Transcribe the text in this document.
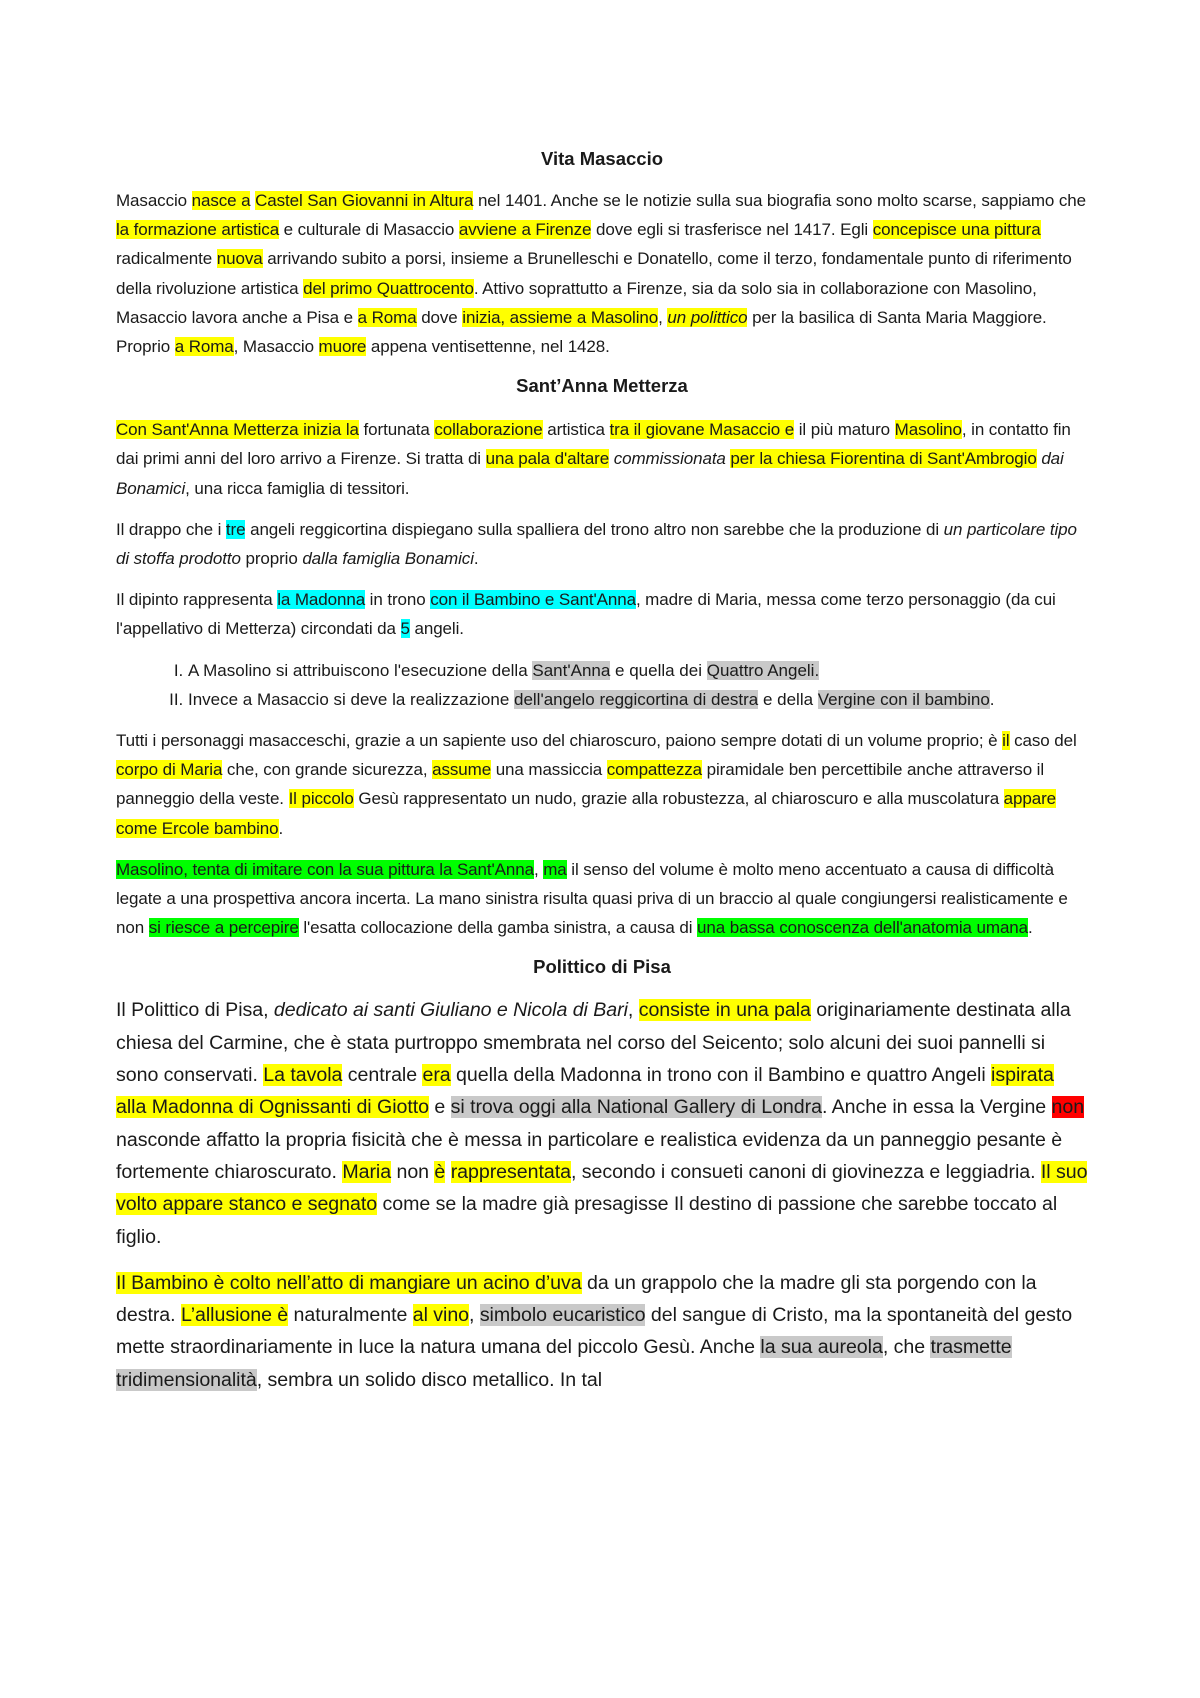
Vita Masaccio

Masaccio nasce a Castel San Giovanni in Altura nel 1401. Anche se le notizie sulla sua biografia sono molto scarse, sappiamo che la formazione artistica e culturale di Masaccio avviene a Firenze dove egli si trasferisce nel 1417. Egli concepisce una pittura radicalmente nuova arrivando subito a porsi, insieme a Brunelleschi e Donatello, come il terzo, fondamentale punto di riferimento della rivoluzione artistica del primo Quattrocento. Attivo soprattutto a Firenze, sia da solo sia in collaborazione con Masolino, Masaccio lavora anche a Pisa e a Roma dove inizia, assieme a Masolino, un polittico per la basilica di Santa Maria Maggiore. Proprio a Roma, Masaccio muore appena ventisettenne, nel 1428.

Sant’Anna Metterza

Con Sant'Anna Metterza inizia la fortunata collaborazione artistica tra il giovane Masaccio e il più maturo Masolino, in contatto fin dai primi anni del loro arrivo a Firenze. Si tratta di una pala d'altare commissionata per la chiesa Fiorentina di Sant'Ambrogio dai Bonamici, una ricca famiglia di tessitori.

Il drappo che i tre angeli reggicortina dispiegano sulla spalliera del trono altro non sarebbe che la produzione di un particolare tipo di stoffa prodotto proprio dalla famiglia Bonamici.

Il dipinto rappresenta la Madonna in trono con il Bambino e Sant'Anna, madre di Maria, messa come terzo personaggio (da cui l'appellativo di Metterza) circondati da 5 angeli.

I. A Masolino si attribuiscono l'esecuzione della Sant'Anna e quella dei Quattro Angeli.
II. Invece a Masaccio si deve la realizzazione dell'angelo reggicortina di destra e della Vergine con il bambino.

Tutti i personaggi masacceschi, grazie a un sapiente uso del chiaroscuro, paiono sempre dotati di un volume proprio; è il caso del corpo di Maria che, con grande sicurezza, assume una massiccia compattezza piramidale ben percettibile anche attraverso il panneggio della veste. Il piccolo Gesù rappresentato un nudo, grazie alla robustezza, al chiaroscuro e alla muscolatura appare come Ercole bambino.

Masolino, tenta di imitare con la sua pittura la Sant'Anna, ma il senso del volume è molto meno accentuato a causa di difficoltà legate a una prospettiva ancora incerta. La mano sinistra risulta quasi priva di un braccio al quale congiungersi realisticamente e non si riesce a percepire l'esatta collocazione della gamba sinistra, a causa di una bassa conoscenza dell'anatomia umana.

Polittico di Pisa

Il Polittico di Pisa, dedicato ai santi Giuliano e Nicola di Bari, consiste in una pala originariamente destinata alla chiesa del Carmine, che è stata purtroppo smembrata nel corso del Seicento; solo alcuni dei suoi pannelli si sono conservati. La tavola centrale era quella della Madonna in trono con il Bambino e quattro Angeli ispirata alla Madonna di Ognissanti di Giotto e si trova oggi alla National Gallery di Londra. Anche in essa la Vergine non nasconde affatto la propria fisicità che è messa in particolare e realistica evidenza da un panneggio pesante è fortemente chiaroscurato. Maria non è rappresentata, secondo i consueti canoni di giovinezza e leggiadria. Il suo volto appare stanco e segnato come se la madre già presagisse Il destino di passione che sarebbe toccato al figlio.

Il Bambino è colto nell’atto di mangiare un acino d’uva da un grappolo che la madre gli sta porgendo con la destra. L’allusione è naturalmente al vino, simbolo eucaristico del sangue di Cristo, ma la spontaneità del gesto mette straordinariamente in luce la natura umana del piccolo Gesù. Anche la sua aureola, che trasmette tridimensionalità, sembra un solido disco metallico. In tal
